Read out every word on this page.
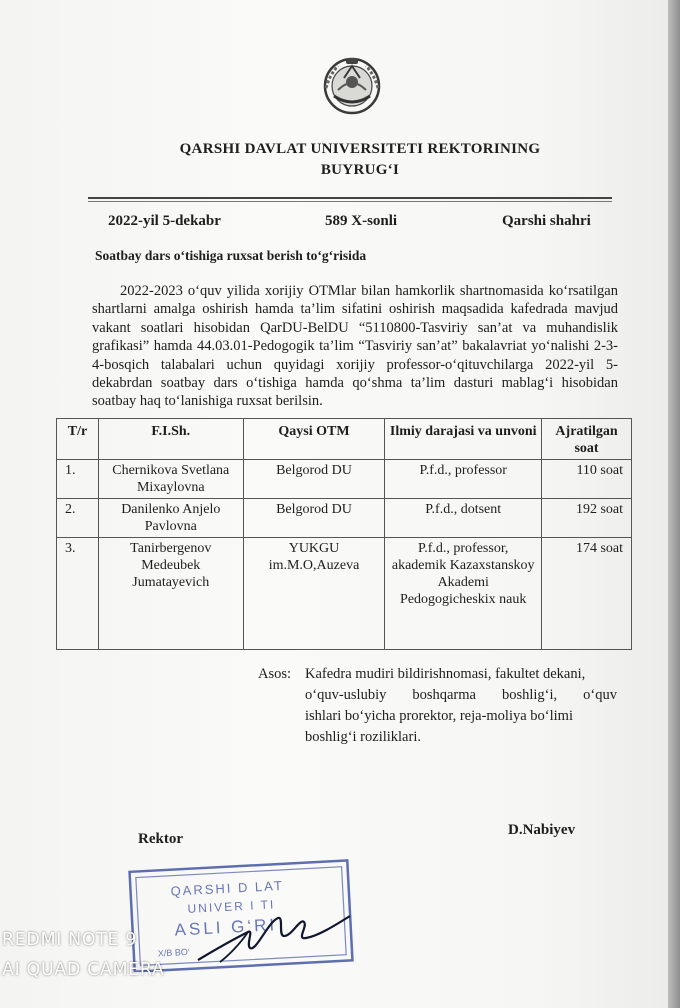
QARSHI DAVLAT UNIVERSITETI REKTORINING
BUYRUG‘I
2022-yil 5-dekabr	589 X-sonli	Qarshi shahri
Soatbay dars o‘tishiga ruxsat berish to‘g‘risida
2022-2023 o‘quv yilida xorijiy OTMlar bilan hamkorlik shartnomasida ko‘rsatilgan shartlarni amalga oshirish hamda ta’lim sifatini oshirish maqsadida kafedrada mavjud vakant soatlari hisobidan QarDU-BelDU “5110800-Tasviriy san’at va muhandislik grafikasi” hamda 44.03.01-Pedogogik ta’lim “Tasviriy san’at” bakalavriat yo‘nalishi 2-3-4-bosqich talabalari uchun quyidagi xorijiy professor-o‘qituvchilarga 2022-yil 5-dekabrdan soatbay dars o‘tishiga hamda qo‘shma ta’lim dasturi mablag‘i hisobidan soatbay haq to‘lanishiga ruxsat berilsin.
T/r	F.I.Sh.	Qaysi OTM	Ilmiy darajasi va unvoni	Ajratilgan soat
1.	Chernikova Svetlana Mixaylovna	Belgorod DU	P.f.d., professor	110 soat
2.	Danilenko Anjelo Pavlovna	Belgorod DU	P.f.d., dotsent	192 soat
3.	Tanirbergenov Medeubek Jumatayevich	YUKGU im.M.O,Auzeva	P.f.d., professor, akademik Kazaxstanskoy Akademi Pedogogicheskix nauk	174 soat
Asos: Kafedra mudiri bildirishnomasi, fakultet dekani,
o‘quv-uslubiy boshqarma boshlig‘i, o‘quv
ishlari bo‘yicha prorektor, reja-moliya bo‘limi
boshlig‘i roziliklari.
Rektor
D.Nabiyev
QARSHI D LAT
UNIVER I TI
ASLI G‘RI
X/B BO‘
REDMI NOTE 9
AI QUAD CAMERA
